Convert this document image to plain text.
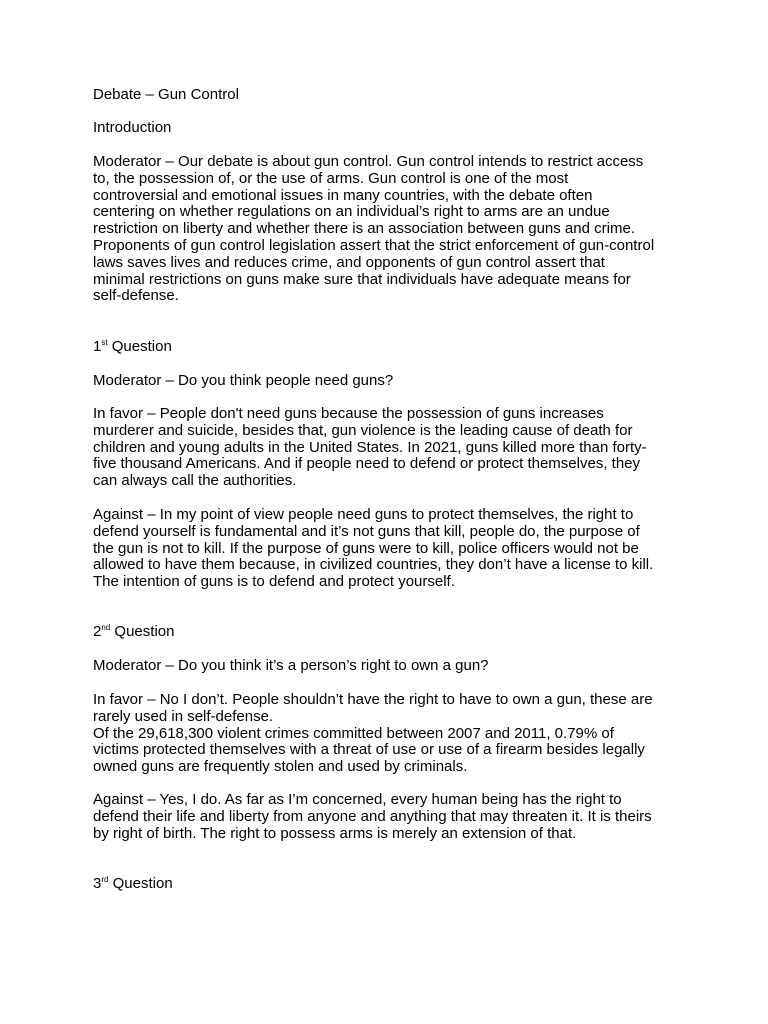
Debate – Gun Control

Introduction

Moderator – Our debate is about gun control. Gun control intends to restrict access
to, the possession of, or the use of arms. Gun control is one of the most
controversial and emotional issues in many countries, with the debate often
centering on whether regulations on an individual’s right to arms are an undue
restriction on liberty and whether there is an association between guns and crime.
Proponents of gun control legislation assert that the strict enforcement of gun-control
laws saves lives and reduces crime, and opponents of gun control assert that
minimal restrictions on guns make sure that individuals have adequate means for
self-defense.

1st Question

Moderator – Do you think people need guns?

In favor – People don't need guns because the possession of guns increases
murderer and suicide, besides that, gun violence is the leading cause of death for
children and young adults in the United States. In 2021, guns killed more than forty-
five thousand Americans. And if people need to defend or protect themselves, they
can always call the authorities.

Against – In my point of view people need guns to protect themselves, the right to
defend yourself is fundamental and it’s not guns that kill, people do, the purpose of
the gun is not to kill. If the purpose of guns were to kill, police officers would not be
allowed to have them because, in civilized countries, they don’t have a license to kill.
The intention of guns is to defend and protect yourself.

2nd Question

Moderator – Do you think it’s a person’s right to own a gun?

In favor – No I don’t. People shouldn’t have the right to have to own a gun, these are
rarely used in self-defense.
Of the 29,618,300 violent crimes committed between 2007 and 2011, 0.79% of
victims protected themselves with a threat of use or use of a firearm besides legally
owned guns are frequently stolen and used by criminals.

Against – Yes, I do. As far as I’m concerned, every human being has the right to
defend their life and liberty from anyone and anything that may threaten it. It is theirs
by right of birth. The right to possess arms is merely an extension of that.

3rd Question
